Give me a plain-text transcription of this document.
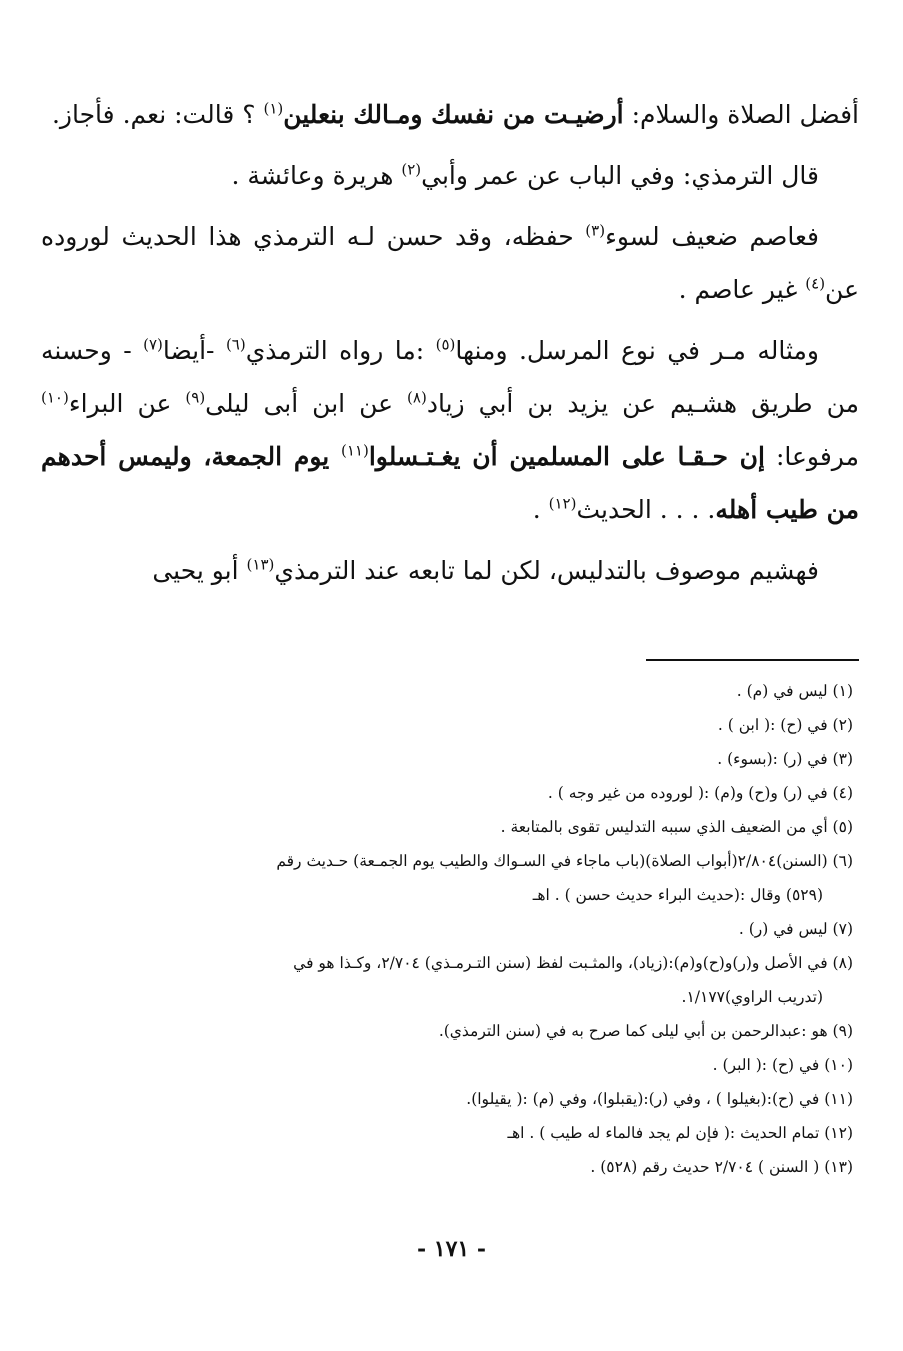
أفضل الصلاة والسلام: أرضيـت من نفسك ومـالك بنعلين$^{(١)}$ ؟ قالت: نعم. فأجاز.

قال الترمذي: وفي الباب عن عمر وأبي$^{(٢)}$ هريرة وعائشة .

فعاصم ضعيف لسوء$^{(٣)}$ حفظه، وقد حسن لـه الترمذي هذا الحديث لوروده عن$^{(٤)}$ غير عاصم .

ومثاله مـر في نوع المرسل. ومنها$^{(٥)}$ :ما رواه الترمذي$^{(٦)}$ -أيضا$^{(٧)}$ - وحسنه من طريق هشـيم عن يزيد بن أبي زياد$^{(٨)}$ عن ابن أبى ليلى$^{(٩)}$ عن البراء$^{(١٠)}$ مرفوعا: إن حـقـا على المسلمين أن يغـتـسلوا$^{(١١)}$ يوم الجمعة، وليمس أحدهم من طيب أهله. . . . الحديث$^{(١٢)}$ .

فهشيم موصوف بالتدليس، لكن لما تابعه عند الترمذي$^{(١٣)}$ أبو يحيى

(١) ليس في (م) .
(٢) في (ح) :( ابن ) .
(٣) في (ر) :(بسوء) .
(٤) في (ر) و(ح) و(م) :( لوروده من غير وجه ) .
(٥) أي من الضعيف الذي سببه التدليس تقوى بالمتابعة .
(٦) (السنن)٢/٨٠٤(أبواب الصلاة)(باب ماجاء في السـواك والطيب يوم الجمـعة) حـديث رقم
(٥٢٩) وقال :(حديث البراء حديث حسن ) . اهـ
(٧) ليس في (ر) .
(٨) في الأصل و(ر)و(ح)و(م):(زياد)، والمثـبت لفظ (سنن التـرمـذي) ٢/٧٠٤، وكـذا هو في
(تدريب الراوي)١/١٧٧.
(٩) هو :عبدالرحمن بن أبي ليلى كما صرح به في (سنن الترمذي).
(١٠) في (ح) :( البر) .
(١١) في (ح):(بغيلوا ) ، وفي (ر):(يقبلوا)، وفي (م) :( يقيلوا).
(١٢) تمام الحديث :( فإن لم يجد فالماء له طيب ) . اهـ
(١٣) ( السنن ) ٢/٧٠٤ حديث رقم (٥٢٨) .
- ١٧١ -
